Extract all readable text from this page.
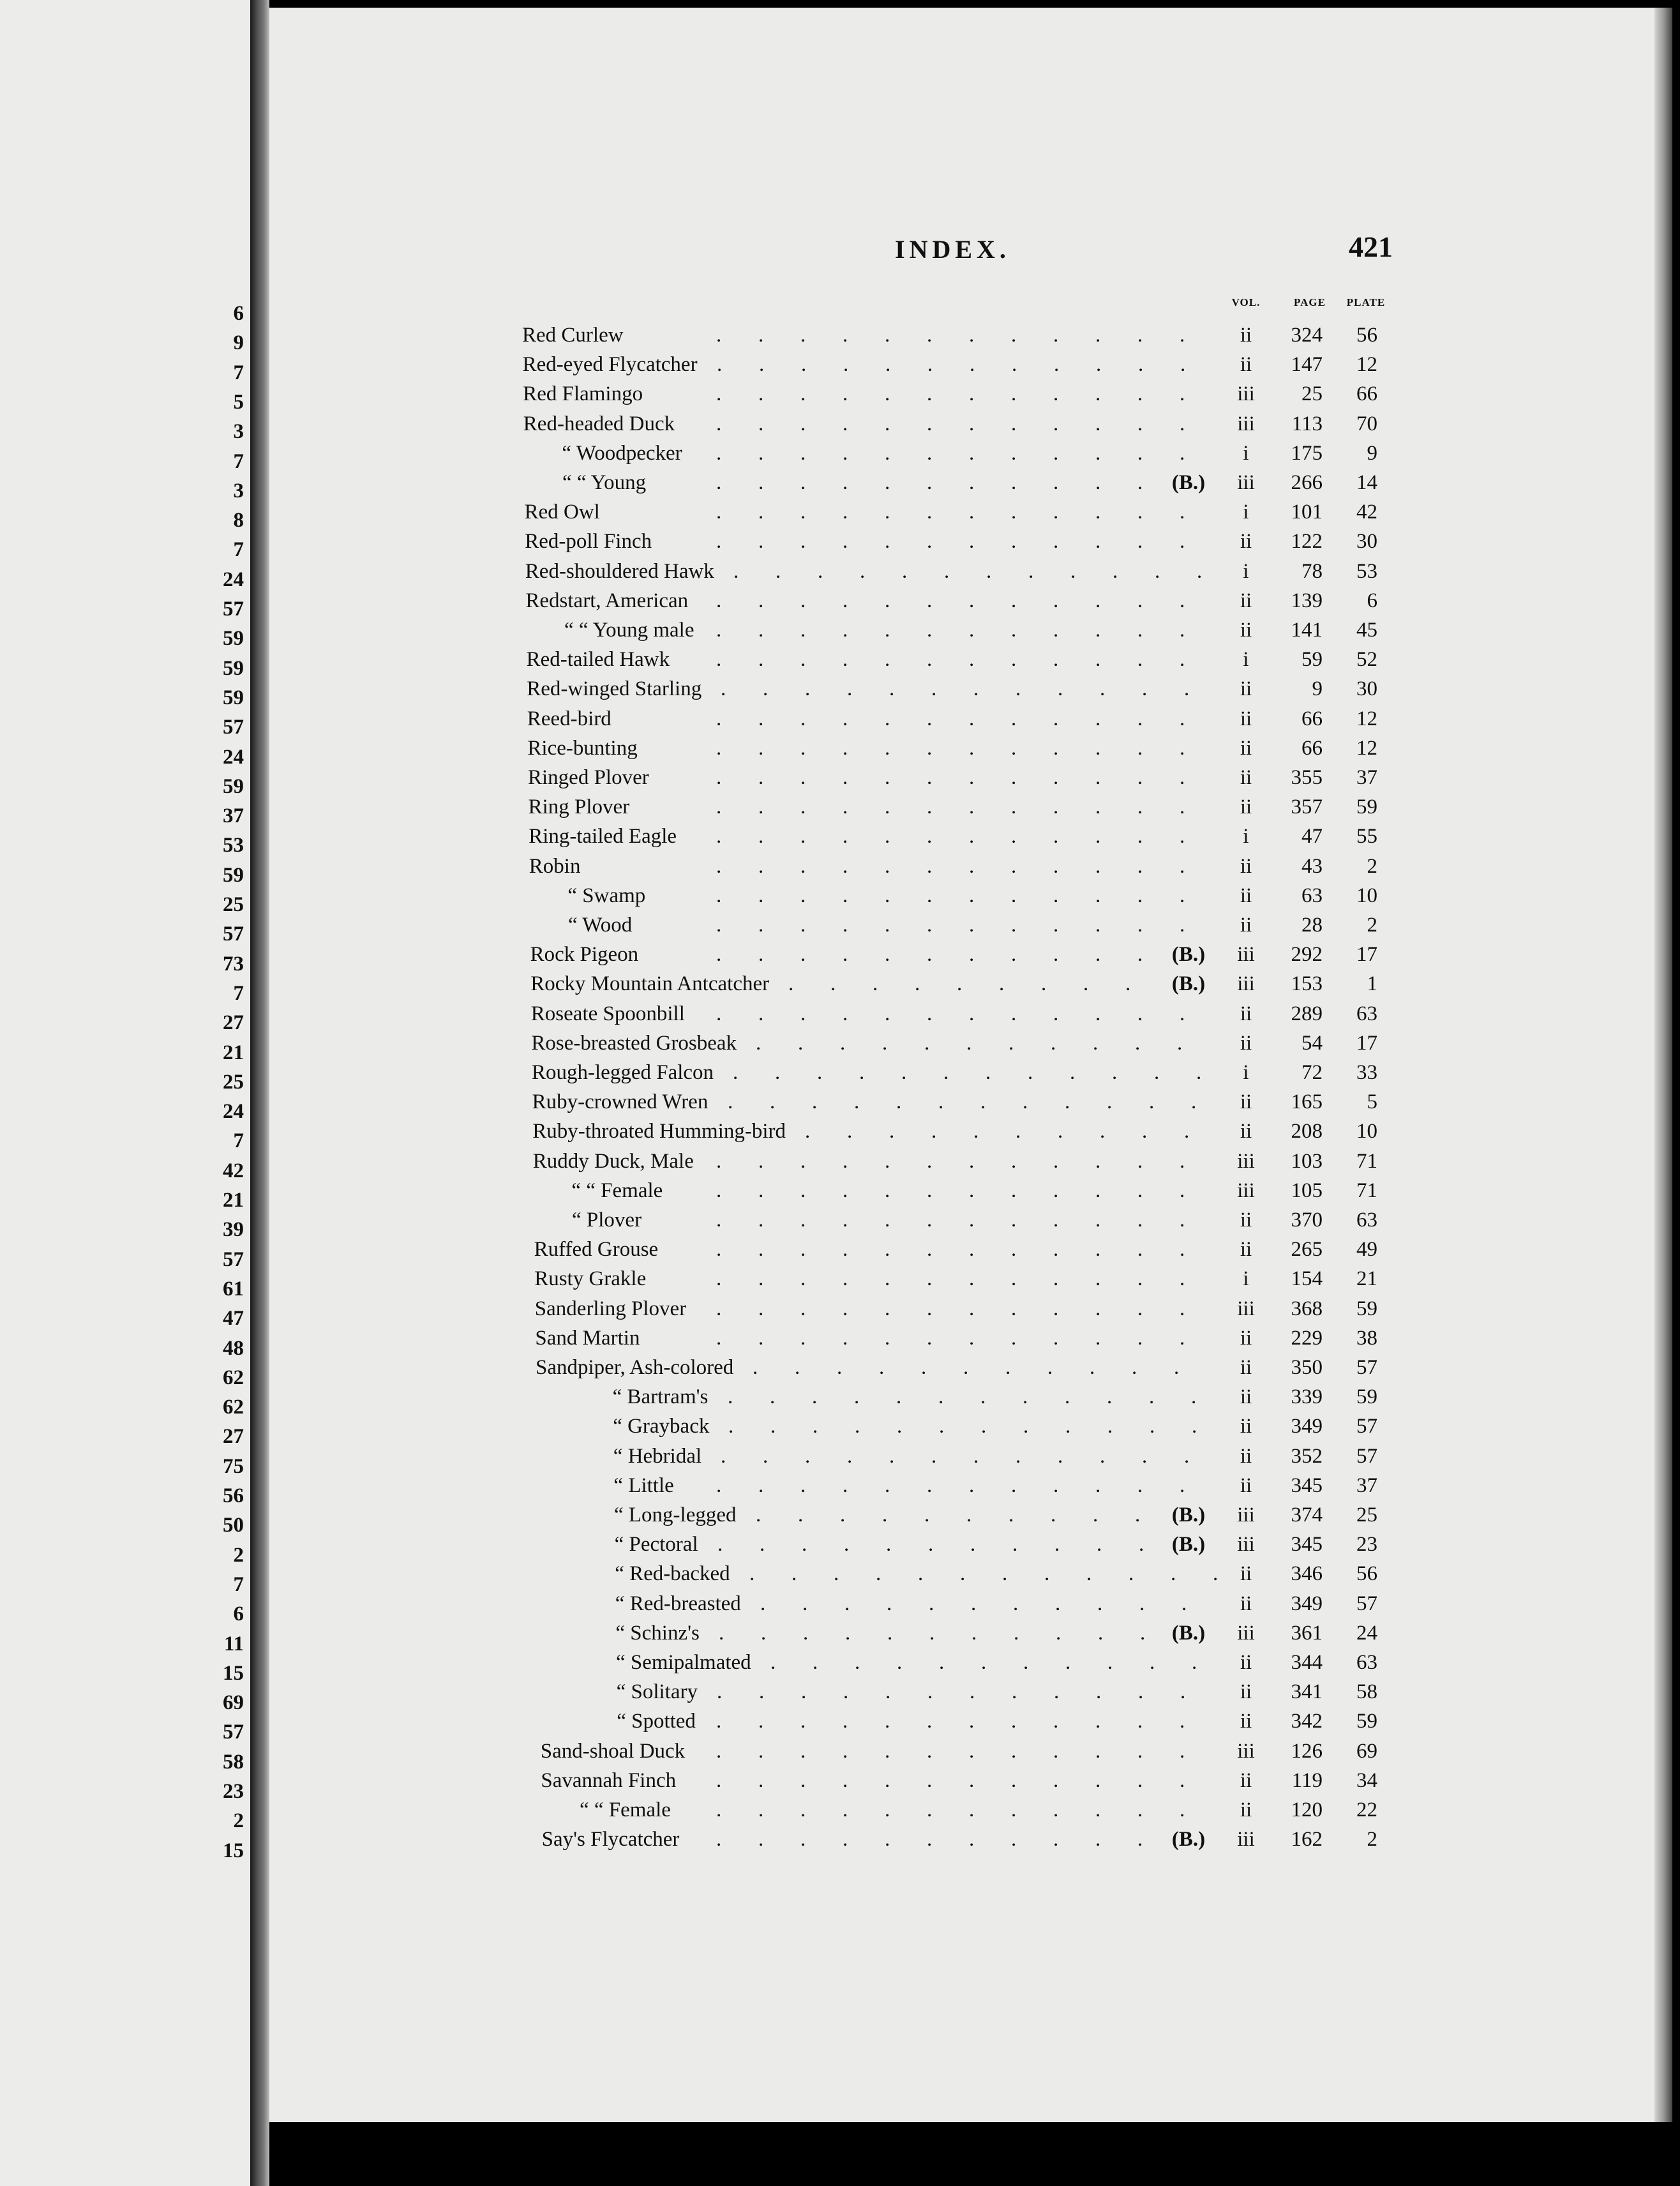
6
9
7
5
3
7
3
8
7
24
57
59
59
59
57
24
59
37
53
59
25
57
73
7
27
21
25
24
7
42
21
39
57
61
47
48
62
62
27
75
56
50
2
7
6
11
15
69
57
58
23
2
15
INDEX.	421
VOL.	PAGE	PLATE
Red Curlew	ii	324	56
. . . . . . . . . . . .
Red-eyed Flycatcher	ii	147	12
. . . . . . . . . . . .
Red Flamingo	iii	25	66
. . . . . . . . . . . .
Red-headed Duck	iii	113	70
. . . . . . . . . . . .
“ Woodpecker	i	175	9
. . . . . . . . . . . .
“ “ Young	(B.)	iii	266	14
. . . . . . . . . . .
Red Owl	i	101	42
. . . . . . . . . . . .
Red-poll Finch	ii	122	30
. . . . . . . . . . . .
Red-shouldered Hawk	i	78	53
. . . . . . . . . . . .
Redstart, American	ii	139	6
. . . . . . . . . . . .
“ “ Young male	ii	141	45
. . . . . . . . . . . .
Red-tailed Hawk	i	59	52
. . . . . . . . . . . .
Red-winged Starling	ii	9	30
. . . . . . . . . . . .
Reed-bird	ii	66	12
. . . . . . . . . . . .
Rice-bunting	ii	66	12
. . . . . . . . . . . .
Ringed Plover	ii	355	37
. . . . . . . . . . . .
Ring Plover	ii	357	59
. . . . . . . . . . . .
Ring-tailed Eagle	i	47	55
. . . . . . . . . . . .
Robin	ii	43	2
. . . . . . . . . . . .
“ Swamp	ii	63	10
. . . . . . . . . . . .
“ Wood	ii	28	2
. . . . . . . . . . . .
Rock Pigeon	(B.)	iii	292	17
. . . . . . . . . . .
Rocky Mountain Antcatcher	(B.)	iii	153	1
. . . . . . . . .
Roseate Spoonbill	ii	289	63
. . . . . . . . . . . .
Rose-breasted Grosbeak	ii	54	17
. . . . . . . . . . .
Rough-legged Falcon	i	72	33
. . . . . . . . . . . .
Ruby-crowned Wren	ii	165	5
. . . . . . . . . . . .
Ruby-throated Humming-bird	ii	208	10
. . . . . . . . . .
Ruddy Duck, Male	iii	103	71
. . . . . . . . . . . .
“ “ Female	iii	105	71
. . . . . . . . . . . .
“ Plover	ii	370	63
. . . . . . . . . . . .
Ruffed Grouse	ii	265	49
. . . . . . . . . . . .
Rusty Grakle	i	154	21
. . . . . . . . . . . .
Sanderling Plover	iii	368	59
. . . . . . . . . . . .
Sand Martin	ii	229	38
. . . . . . . . . . . .
Sandpiper, Ash-colored	ii	350	57
. . . . . . . . . . .
“ Bartram's	ii	339	59
. . . . . . . . . . . .
“ Grayback	ii	349	57
. . . . . . . . . . . .
“ Hebridal	ii	352	57
. . . . . . . . . . . .
“ Little	ii	345	37
. . . . . . . . . . . .
“ Long-legged	(B.)	iii	374	25
. . . . . . . . . .
“ Pectoral	(B.)	iii	345	23
. . . . . . . . . . .
“ Red-backed	ii	346	56
. . . . . . . . . . . .
“ Red-breasted	ii	349	57
. . . . . . . . . . .
“ Schinz's	(B.)	iii	361	24
. . . . . . . . . . .
“ Semipalmated	ii	344	63
. . . . . . . . . . .
“ Solitary	ii	341	58
. . . . . . . . . . . .
“ Spotted	ii	342	59
. . . . . . . . . . . .
Sand-shoal Duck	iii	126	69
. . . . . . . . . . . .
Savannah Finch	ii	119	34
. . . . . . . . . . . .
“ “ Female	ii	120	22
. . . . . . . . . . . .
Say's Flycatcher	(B.)	iii	162	2
. . . . . . . . . . .
